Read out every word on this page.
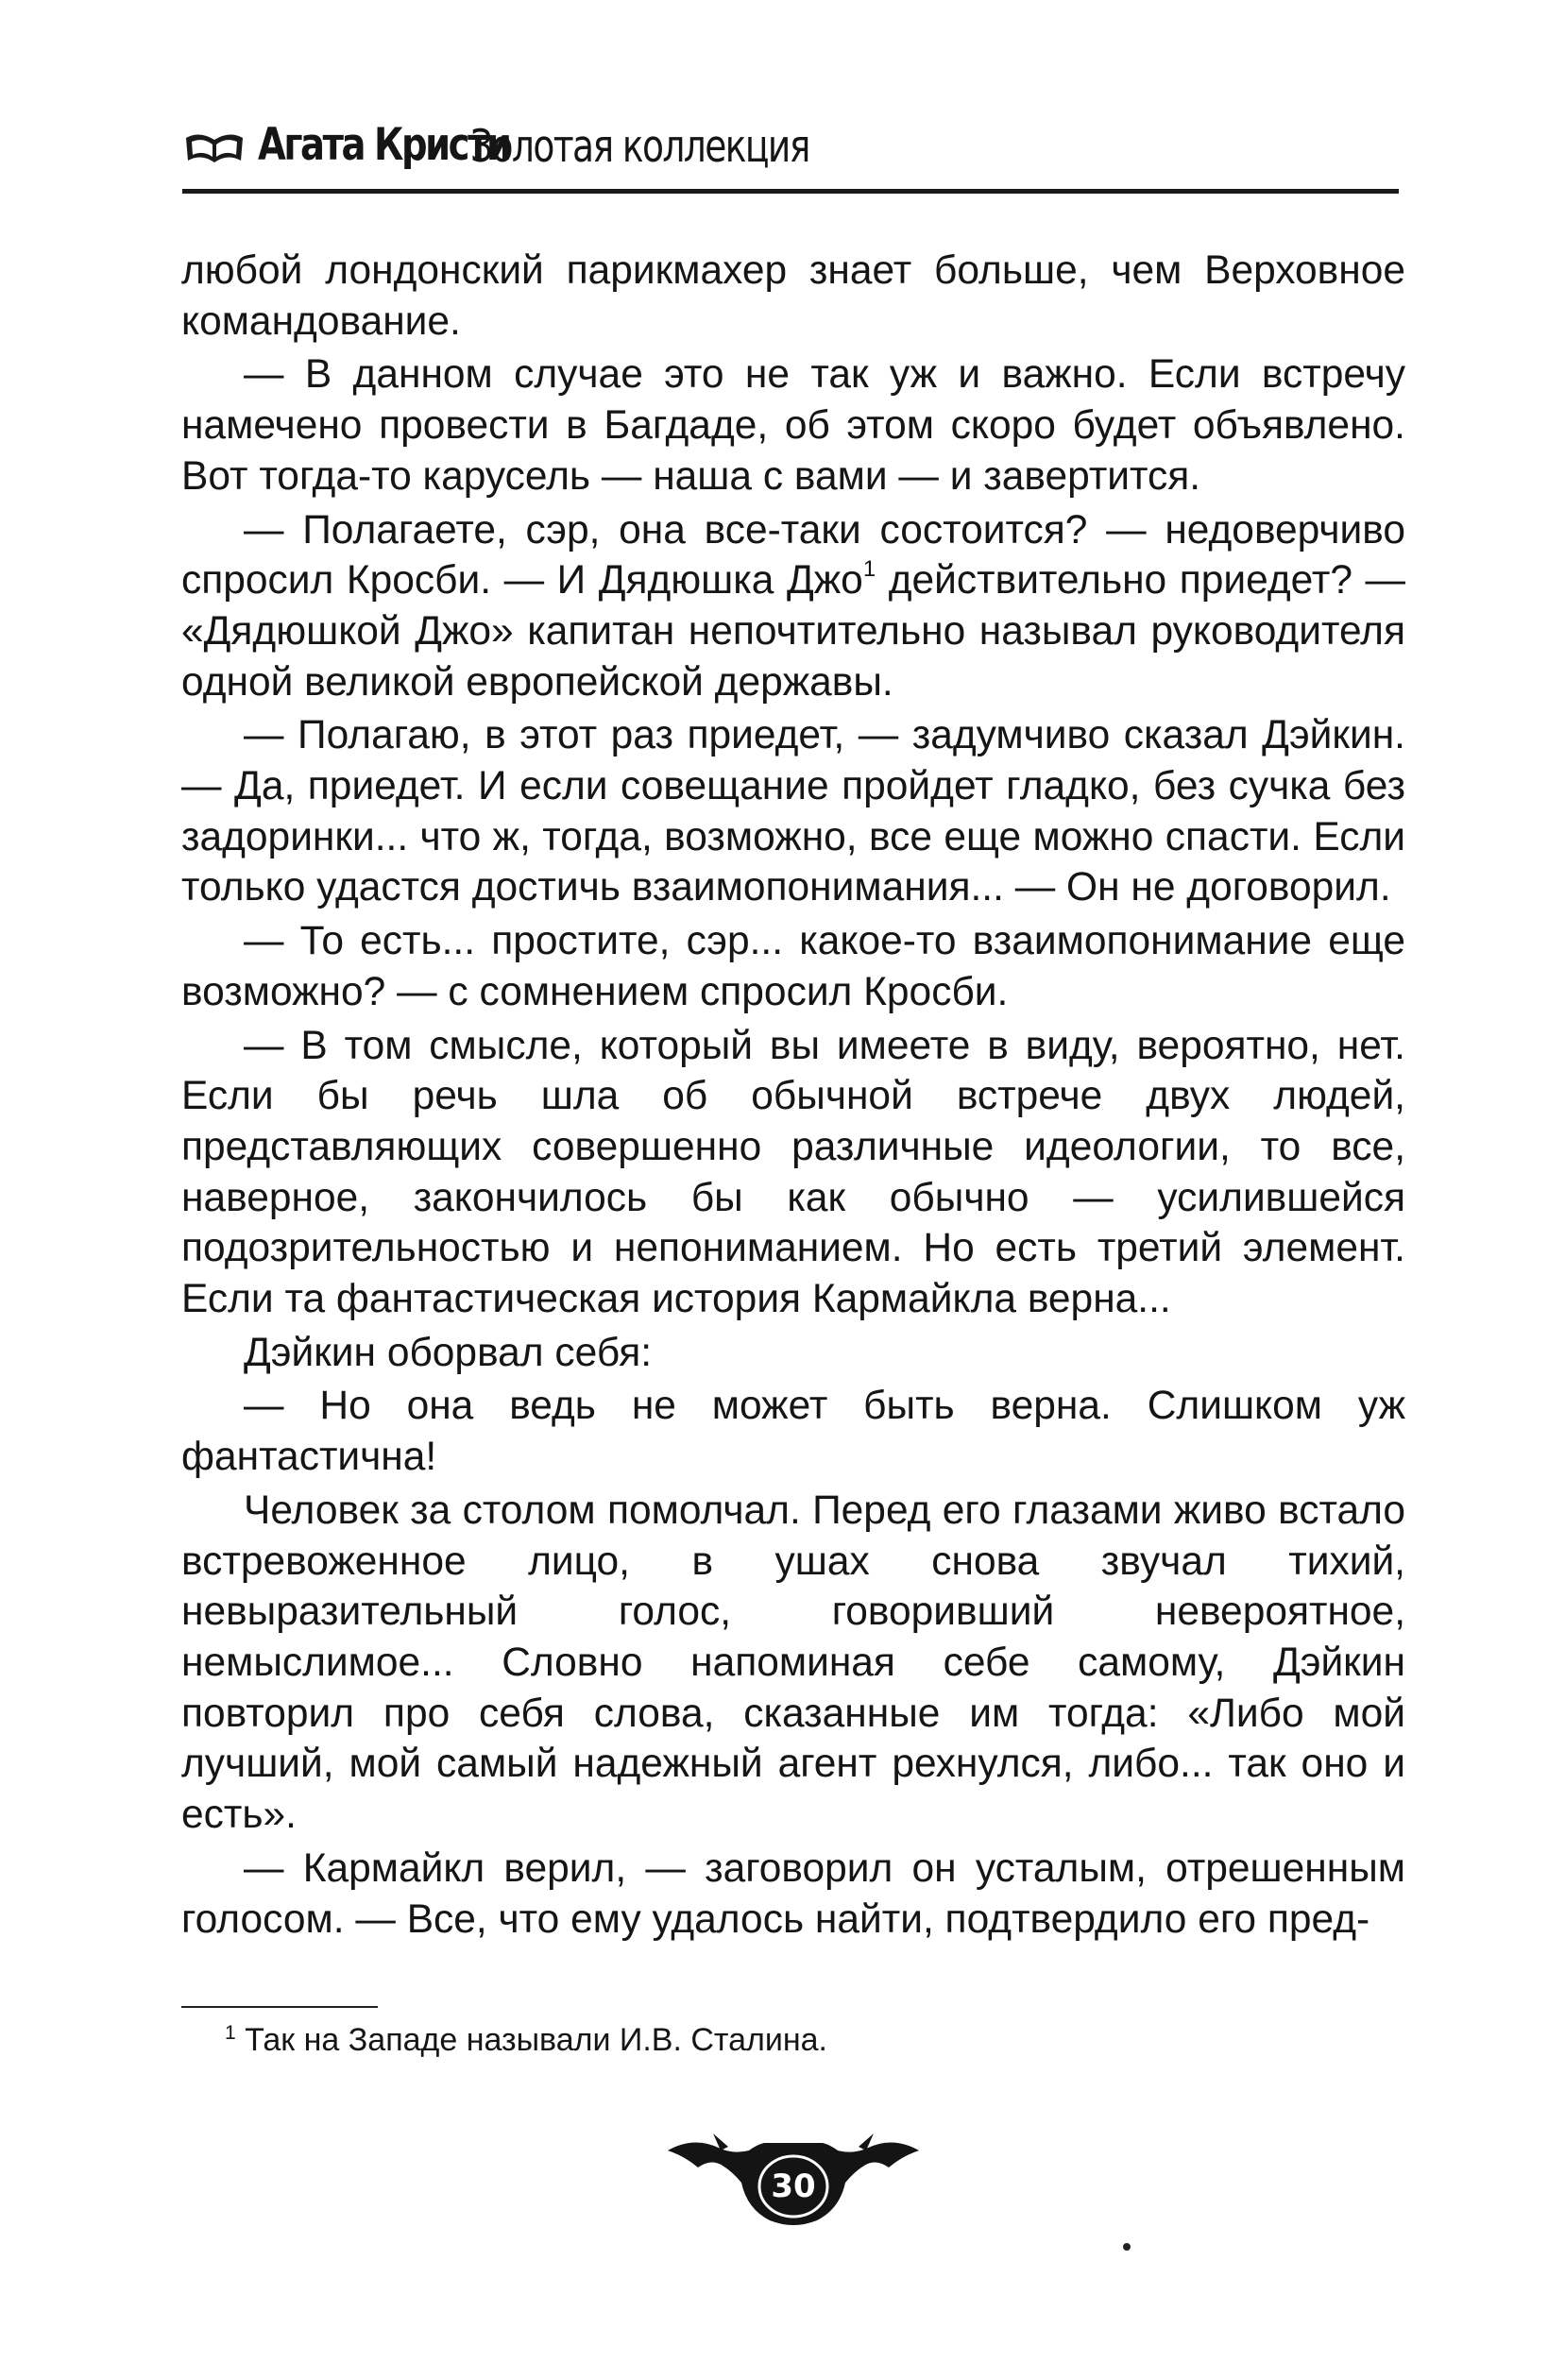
Агата Кристи
Золотая коллекция

любой лондонский парикмахер знает больше, чем Верховное командование.

— В данном случае это не так уж и важно. Если встречу намечено провести в Багдаде, об этом скоро будет объявлено. Вот тогда-то карусель — наша с вами — и завертится.

— Полагаете, сэр, она все-таки состоится? — недоверчиво спросил Кросби. — И Дядюшка Джо$^1$ действительно приедет? — «Дядюшкой Джо» капитан непочтительно называл руководителя одной великой европейской державы.

— Полагаю, в этот раз приедет, — задумчиво сказал Дэйкин. — Да, приедет. И если совещание пройдет гладко, без сучка без задоринки... что ж, тогда, возможно, все еще можно спасти. Если только удастся достичь взаимопонимания... — Он не договорил.

— То есть... простите, сэр... какое-то взаимопонимание еще возможно? — с сомнением спросил Кросби.

— В том смысле, который вы имеете в виду, вероятно, нет. Если бы речь шла об обычной встрече двух людей, представляющих совершенно различные идеологии, то все, наверное, закончилось бы как обычно — усилившейся подозрительностью и непониманием. Но есть третий элемент. Если та фантастическая история Кармайкла верна...

Дэйкин оборвал себя:

— Но она ведь не может быть верна. Слишком уж фантастична!

Человек за столом помолчал. Перед его глазами живо встало встревоженное лицо, в ушах снова звучал тихий, невыразительный голос, говоривший невероятное, немыслимое... Словно напоминая себе самому, Дэйкин повторил про себя слова, сказанные им тогда: «Либо мой лучший, мой самый надежный агент рехнулся, либо... так оно и есть».

— Кармайкл верил, — заговорил он усталым, отрешенным голосом. — Все, что ему удалось найти, подтвердило его пред-

$^1$ Так на Западе называли И.В. Сталина.
30
